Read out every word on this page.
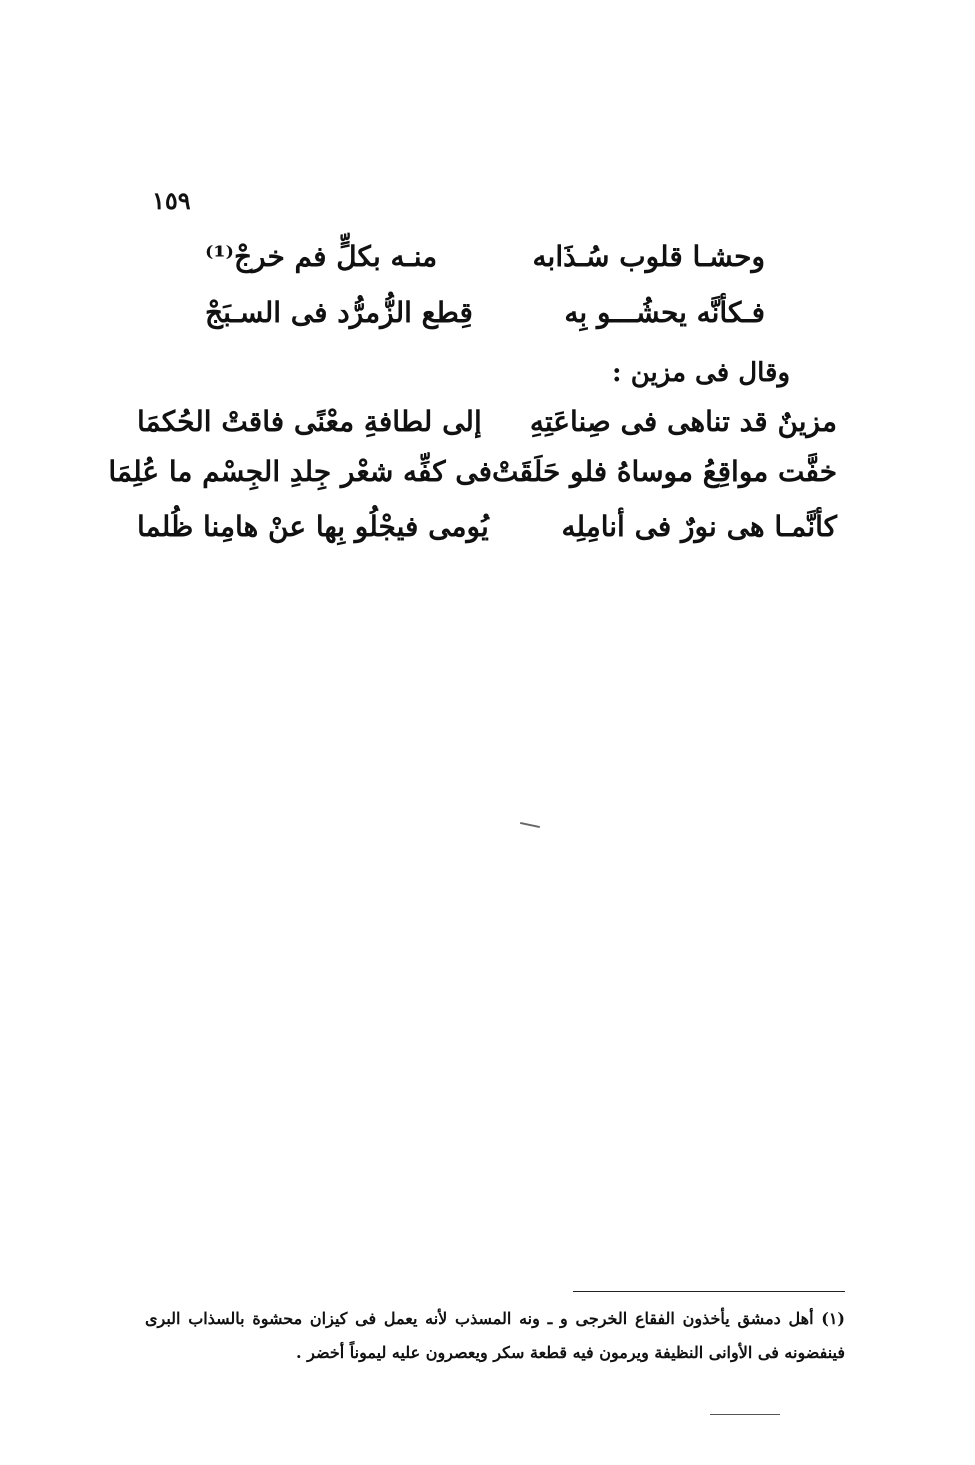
١٥٩
وحشـا قلوب سُـذَابه
منـه بكلٍّ فم خرجْ⁽¹⁾
فـكأنَّه يحشُـــو بِه
قِطع الزُّمرُّد فى السـبَجْ
وقال فى مزين :
مزينٌ قد تناهى فى صِناعَتِهِ
إلى لطافةِ معْنًى فاقتْ الحُكمَا
خفَّت مواقِعُ موساهُ فلو حَلَقَتْ
فى كفِّه شعْر جِلدِ الجِسْم ما عُلِمَا
كأنَّمـا هى نورٌ فى أنامِلِه
يُومى فيجْلُو بِها عنْ هامِنا ظُلما
(١) أهل دمشق يأخذون الفقاع الخرجى و ـ ونه المسذب لأنه يعمل فى كيزان محشوة بالسذاب البرى فينفضونه فى الأوانى النظيفة ويرمون فيه قطعة سكر ويعصرون عليه ليموناً أخضر .
